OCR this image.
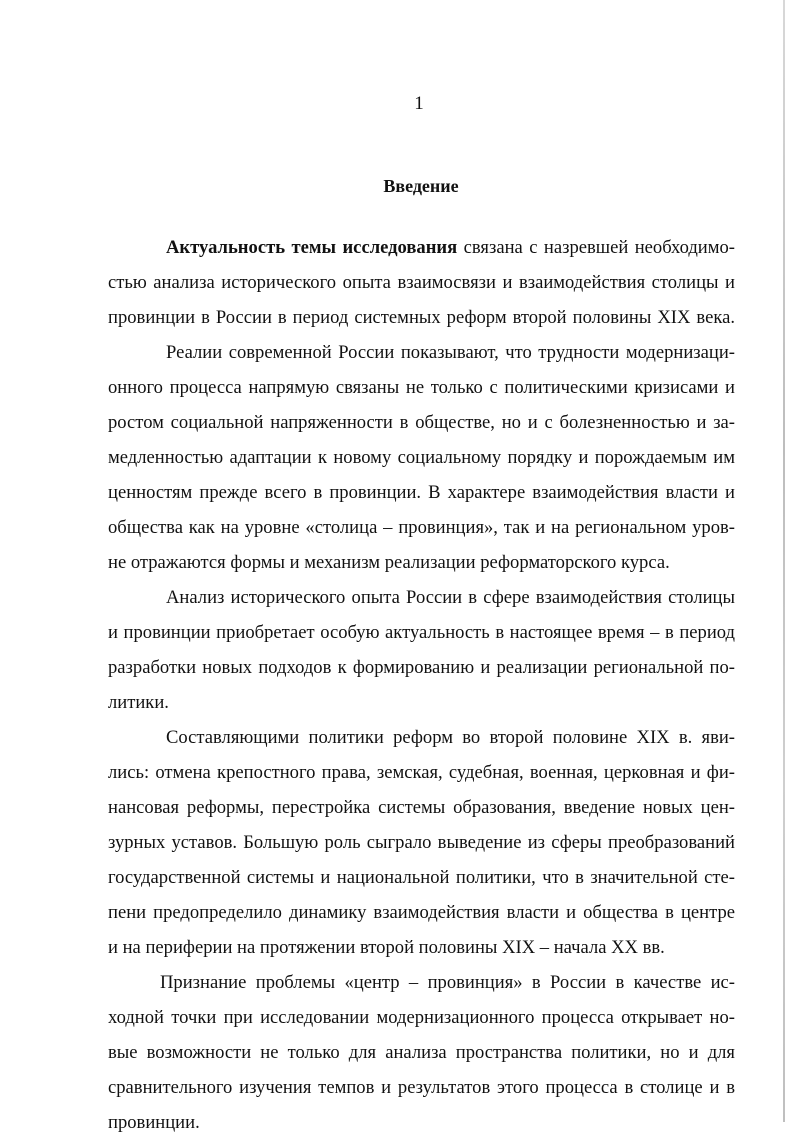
1
Введение
Актуальность темы исследования связана с назревшей необходимо-
стью анализа исторического опыта взаимосвязи и взаимодействия столицы и
провинции в России в период системных реформ второй половины XIX века.
Реалии современной России показывают, что трудности модернизаци-
онного процесса напрямую связаны не только с политическими кризисами и
ростом социальной напряженности в обществе, но и с болезненностью и за-
медленностью адаптации к новому социальному порядку и порождаемым им
ценностям прежде всего в провинции. В характере взаимодействия власти и
общества как на уровне «столица – провинция», так и на региональном уров-
не отражаются формы и механизм реализации реформаторского курса.
Анализ исторического опыта России в сфере взаимодействия столицы
и провинции приобретает особую актуальность в настоящее время – в период
разработки новых подходов к формированию и реализации региональной по-
литики.
Составляющими политики реформ во второй половине XIX в. яви-
лись: отмена крепостного права, земская, судебная, военная, церковная и фи-
нансовая реформы, перестройка системы образования, введение новых цен-
зурных уставов. Большую роль сыграло выведение из сферы преобразований
государственной системы и национальной политики, что в значительной сте-
пени предопределило динамику взаимодействия власти и общества в центре
и на периферии на протяжении второй половины XIX – начала XX вв.
Признание проблемы «центр – провинция» в России в качестве ис-
ходной точки при исследовании модернизационного процесса открывает но-
вые возможности не только для анализа пространства политики, но и для
сравнительного изучения темпов и результатов этого процесса в столице и в
провинции.
